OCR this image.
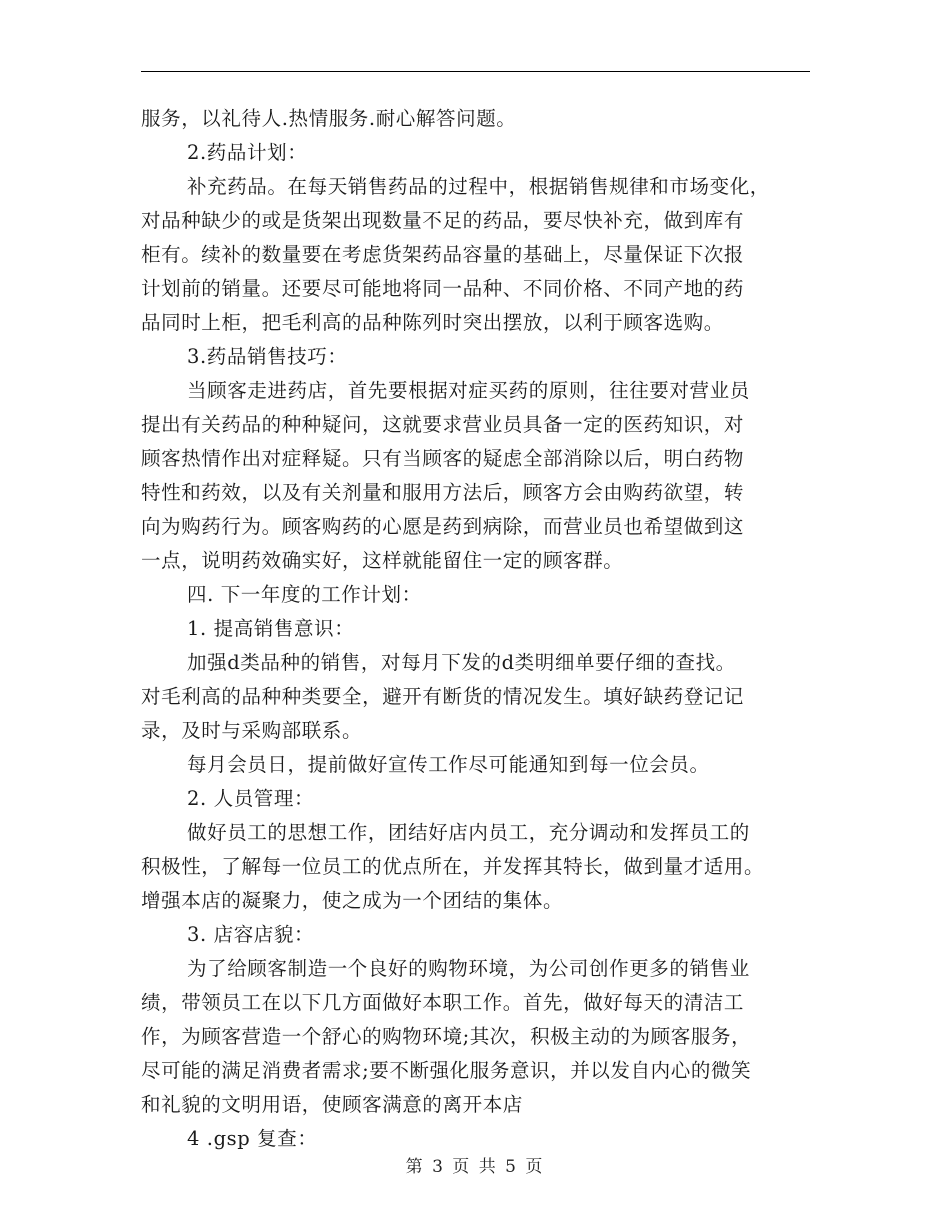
服务，以礼待人.热情服务.耐心解答问题。
2.药品计划：
补充药品。在每天销售药品的过程中，根据销售规律和市场变化，
对品种缺少的或是货架出现数量不足的药品，要尽快补充，做到库有
柜有。续补的数量要在考虑货架药品容量的基础上，尽量保证下次报
计划前的销量。还要尽可能地将同一品种、不同价格、不同产地的药
品同时上柜，把毛利高的品种陈列时突出摆放，以利于顾客选购。
3.药品销售技巧：
当顾客走进药店，首先要根据对症买药的原则，往往要对营业员
提出有关药品的种种疑问，这就要求营业员具备一定的医药知识，对
顾客热情作出对症释疑。只有当顾客的疑虑全部消除以后，明白药物
特性和药效，以及有关剂量和服用方法后，顾客方会由购药欲望，转
向为购药行为。顾客购药的心愿是药到病除，而营业员也希望做到这
一点，说明药效确实好，这样就能留住一定的顾客群。
四. 下一年度的工作计划：
1. 提高销售意识：
加强d类品种的销售，对每月下发的d类明细单要仔细的查找。
对毛利高的品种种类要全，避开有断货的情况发生。填好缺药登记记
录，及时与采购部联系。
每月会员日，提前做好宣传工作尽可能通知到每一位会员。
2. 人员管理：
做好员工的思想工作，团结好店内员工，充分调动和发挥员工的
积极性，了解每一位员工的优点所在，并发挥其特长，做到量才适用。
增强本店的凝聚力，使之成为一个团结的集体。
3. 店容店貌：
为了给顾客制造一个良好的购物环境，为公司创作更多的销售业
绩，带领员工在以下几方面做好本职工作。首先，做好每天的清洁工
作，为顾客营造一个舒心的购物环境;其次，积极主动的为顾客服务，
尽可能的满足消费者需求;要不断强化服务意识，并以发自内心的微笑
和礼貌的文明用语，使顾客满意的离开本店
4 .gsp 复查：
第 3 页 共 5 页
